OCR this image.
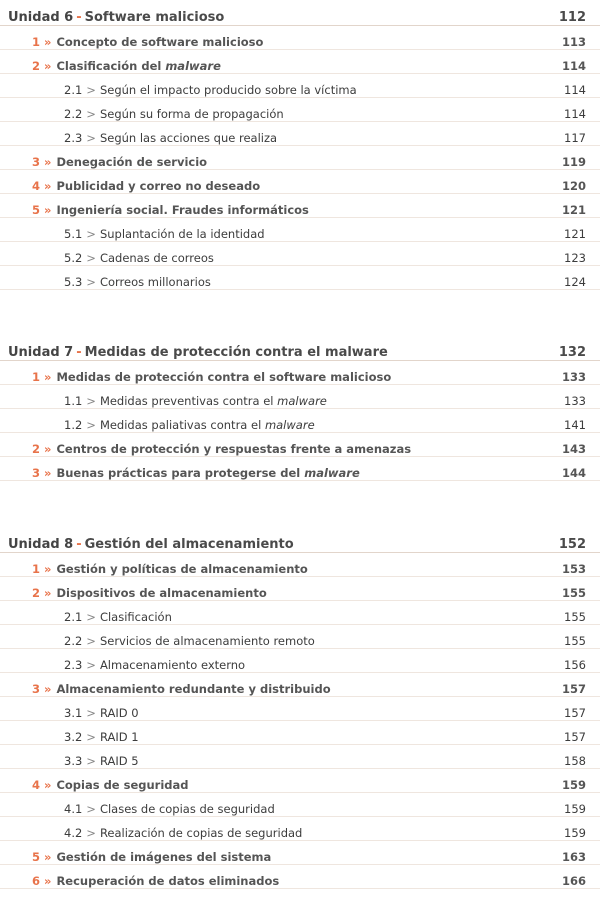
Unidad 6 - Software malicioso	112
1 » Concepto de software malicioso	113
2 » Clasificación del malware	114
2.1 > Según el impacto producido sobre la víctima	114
2.2 > Según su forma de propagación	114
2.3 > Según las acciones que realiza	117
3 » Denegación de servicio	119
4 » Publicidad y correo no deseado	120
5 » Ingeniería social. Fraudes informáticos	121
5.1 > Suplantación de la identidad	121
5.2 > Cadenas de correos	123
5.3 > Correos millonarios	124
Unidad 7 - Medidas de protección contra el malware	132
1 » Medidas de protección contra el software malicioso	133
1.1 > Medidas preventivas contra el malware	133
1.2 > Medidas paliativas contra el malware	141
2 » Centros de protección y respuestas frente a amenazas	143
3 » Buenas prácticas para protegerse del malware	144
Unidad 8 - Gestión del almacenamiento	152
1 » Gestión y políticas de almacenamiento	153
2 » Dispositivos de almacenamiento	155
2.1 > Clasificación	155
2.2 > Servicios de almacenamiento remoto	155
2.3 > Almacenamiento externo	156
3 » Almacenamiento redundante y distribuido	157
3.1 > RAID 0	157
3.2 > RAID 1	157
3.3 > RAID 5	158
4 » Copias de seguridad	159
4.1 > Clases de copias de seguridad	159
4.2 > Realización de copias de seguridad	159
5 » Gestión de imágenes del sistema	163
6 » Recuperación de datos eliminados	166
